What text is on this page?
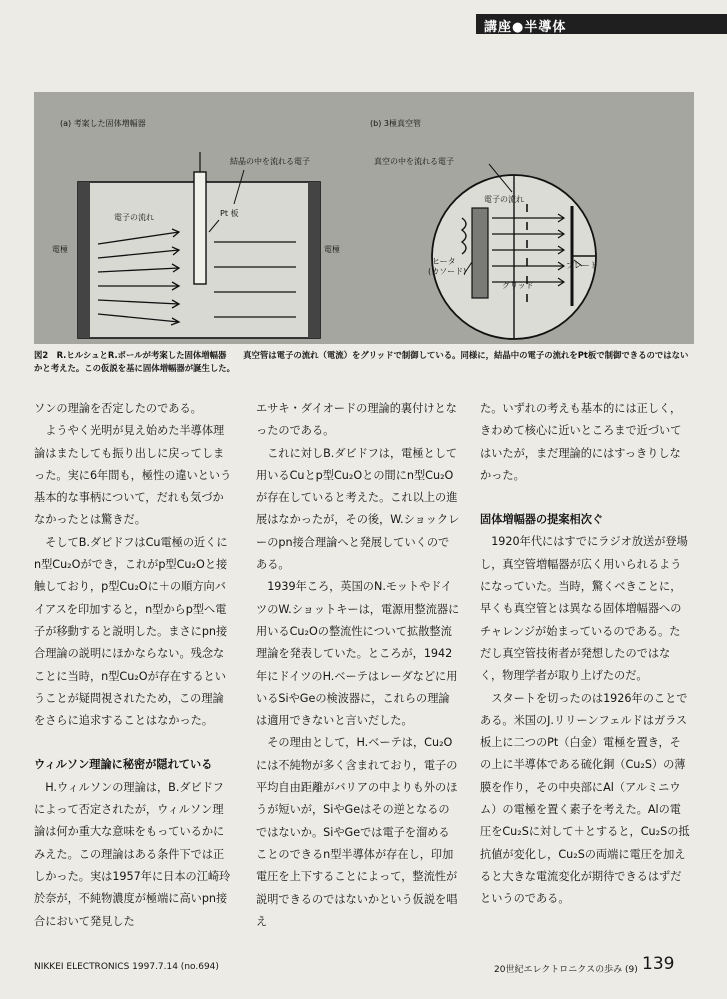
講座●半導体
(a) 考案した固体増幅器
結晶の中を流れる電子
Pt 板
電子の流れ
電極	電極
(b) 3極真空管
真空の中を流れる電子
電子の流れ
ヒータ
(カソード)
プレート
グリッド
図2　R.ヒルシュとR.ポールが考案した固体増幅器　　真空管は電子の流れ（電流）をグリッドで制御している。同様に，結晶中の電子の流れをPt板で制御できるのではないかと考えた。この仮説を基に固体増幅器が誕生した。

ソンの理論を否定したのである。

ようやく光明が見え始めた半導体理論はまたしても振り出しに戻ってしまった。実に6年間も，極性の違いという基本的な事柄について，だれも気づかなかったとは驚きだ。

そしてB.ダビドフはCu電極の近くにn型Cu₂Oができ，これがp型Cu₂Oと接触しており，p型Cu₂Oに＋の順方向バイアスを印加すると，n型からp型へ電子が移動すると説明した。まさにpn接合理論の説明にほかならない。残念なことに当時，n型Cu₂Oが存在するということが疑問視されたため，この理論をさらに追求することはなかった。

ウィルソン理論に秘密が隠れている

H.ウィルソンの理論は，B.ダビドフによって否定されたが，ウィルソン理論は何か重大な意味をもっているかにみえた。この理論はある条件下では正しかった。実は1957年に日本の江崎玲於奈が，不純物濃度が極端に高いpn接合において発見した

エサキ・ダイオードの理論的裏付けとなったのである。

これに対しB.ダビドフは，電極として用いるCuとp型Cu₂Oとの間にn型Cu₂Oが存在していると考えた。これ以上の進展はなかったが，その後，W.ショックレーのpn接合理論へと発展していくのである。

1939年ころ，英国のN.モットやドイツのW.ショットキーは，電源用整流器に用いるCu₂Oの整流性について拡散整流理論を発表していた。ところが，1942年にドイツのH.ベーテはレーダなどに用いるSiやGeの検波器に，これらの理論は適用できないと言いだした。

その理由として，H.ベーテは，Cu₂Oには不純物が多く含まれており，電子の平均自由距離がバリアの中よりも外のほうが短いが，SiやGeはその逆となるのではないか。SiやGeでは電子を溜めることのできるn型半導体が存在し，印加電圧を上下することによって，整流性が説明できるのではないかという仮説を唱え

た。いずれの考えも基本的には正しく，きわめて核心に近いところまで近づいてはいたが，まだ理論的にはすっきりしなかった。

固体増幅器の提案相次ぐ

1920年代にはすでにラジオ放送が登場し，真空管増幅器が広く用いられるようになっていた。当時，驚くべきことに，早くも真空管とは異なる固体増幅器へのチャレンジが始まっているのである。ただし真空管技術者が発想したのではなく，物理学者が取り上げたのだ。

スタートを切ったのは1926年のことである。米国のJ.リリーンフェルドはガラス板上に二つのPt（白金）電極を置き，その上に半導体である硫化銅（Cu₂S）の薄膜を作り，その中央部にAl（アルミニウム）の電極を置く素子を考えた。Alの電圧をCu₂Sに対して＋とすると，Cu₂Sの抵抗値が変化し，Cu₂Sの両端に電圧を加えると大きな電流変化が期待できるはずだというのである。

NIKKEI ELECTRONICS 1997.7.14 (no.694)	20世紀エレクトロニクスの歩み (9) 139
